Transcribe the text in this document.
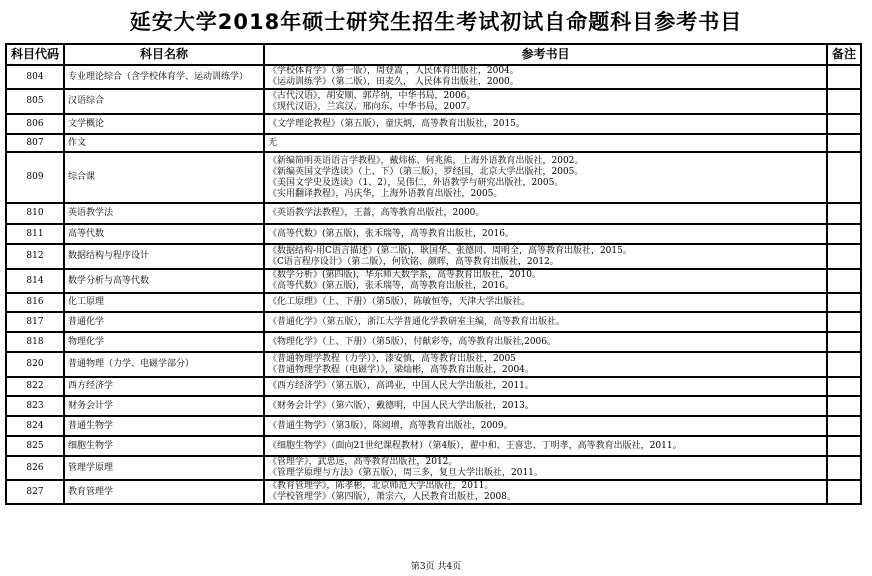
延安大学2018年硕士研究生招生考试初试自命题科目参考书目
科目代码	科目名称	参考书目	备注
804	专业理论综合（含学校体育学、运动训练学）	《学校体育学》（第一版），周登嵩 ，人民体育出版社，2004。
《运动训练学》（第二版），田麦久， 人民体育出版社，2000。	

805	汉语综合	《古代汉语》，胡安顺、郭芹纳，中华书局，2006。
《现代汉语》，兰宾汉、邢向东，中华书局，2007。	

806	文学概论	《文学理论教程》（第五版），童庆炳，高等教育出版社，2015。	

807	作文	无	

809	综合课	《新编简明英语语言学教程》，戴炜栋、何兆熊，上海外语教育出版社，2002。
《新编英国文学选读》（上、下）（第三版），罗经国，北京大学出版社，2005。
《美国文学史及选读》（1、2），吴伟仁，外语教学与研究出版社，2005。
《实用翻译教程》，冯庆华，上海外语教育出版社，2005。	

810	英语教学法	《英语教学法教程》，王蔷，高等教育出版社，2000。	

811	高等代数	《高等代数》(第五版)，张禾瑞等，高等教育出版社，2016。	

812	数据结构与程序设计	《数据结构-用C语言描述》(第二版)，耿国华、张德同、周明全，高等教育出版社，2015。
《C语言程序设计》（第二版），何钦铭、颜晖，高等教育出版社，2012。	

814	数学分析与高等代数	《数学分析》(第四版)，华东师大数学系，高等教育出版社，2010。
《高等代数》(第五版)，张禾瑞等，高等教育出版社，2016。	

816	化工原理	《化工原理》（上、下册）（第5版），陈敏恒等，天津大学出版社。	

817	普通化学	《普通化学》（第五版），浙江大学普通化学教研室主编，高等教育出版社。	

818	物理化学	《物理化学》（上、下册）（第5版），付献彩等，高等教育出版社,2006。	

820	普通物理（力学、电磁学部分）	《普通物理学教程（力学）》，漆安慎，高等教育出版社，2005
《普通物理学教程（电磁学）》，梁灿彬，高等教育出版社，2004。	

822	西方经济学	《西方经济学》（第五版），高鸿业，中国人民大学出版社，2011。	

823	财务会计学	《财务会计学》（第六版），戴德明，中国人民大学出版社，2013。	

824	普通生物学	《普通生物学》（第3版），陈阅增，高等教育出版社，2009。	

825	细胞生物学	《细胞生物学》（面向21世纪课程教材）（第4版），翟中和、王喜忠、丁明孝，高等教育出版社，2011。	

826	管理学原理	《管理学》，武忠远，高等教育出版社，2012。
《管理学原理与方法》（第五版），周三多，复旦大学出版社，2011。	

827	教育管理学	《教育管理学》，陈孝彬，北京师范大学出版社，2011。
《学校管理学》（第四版），萧宗六，人民教育出版社，2008。	

第3页 共4页
